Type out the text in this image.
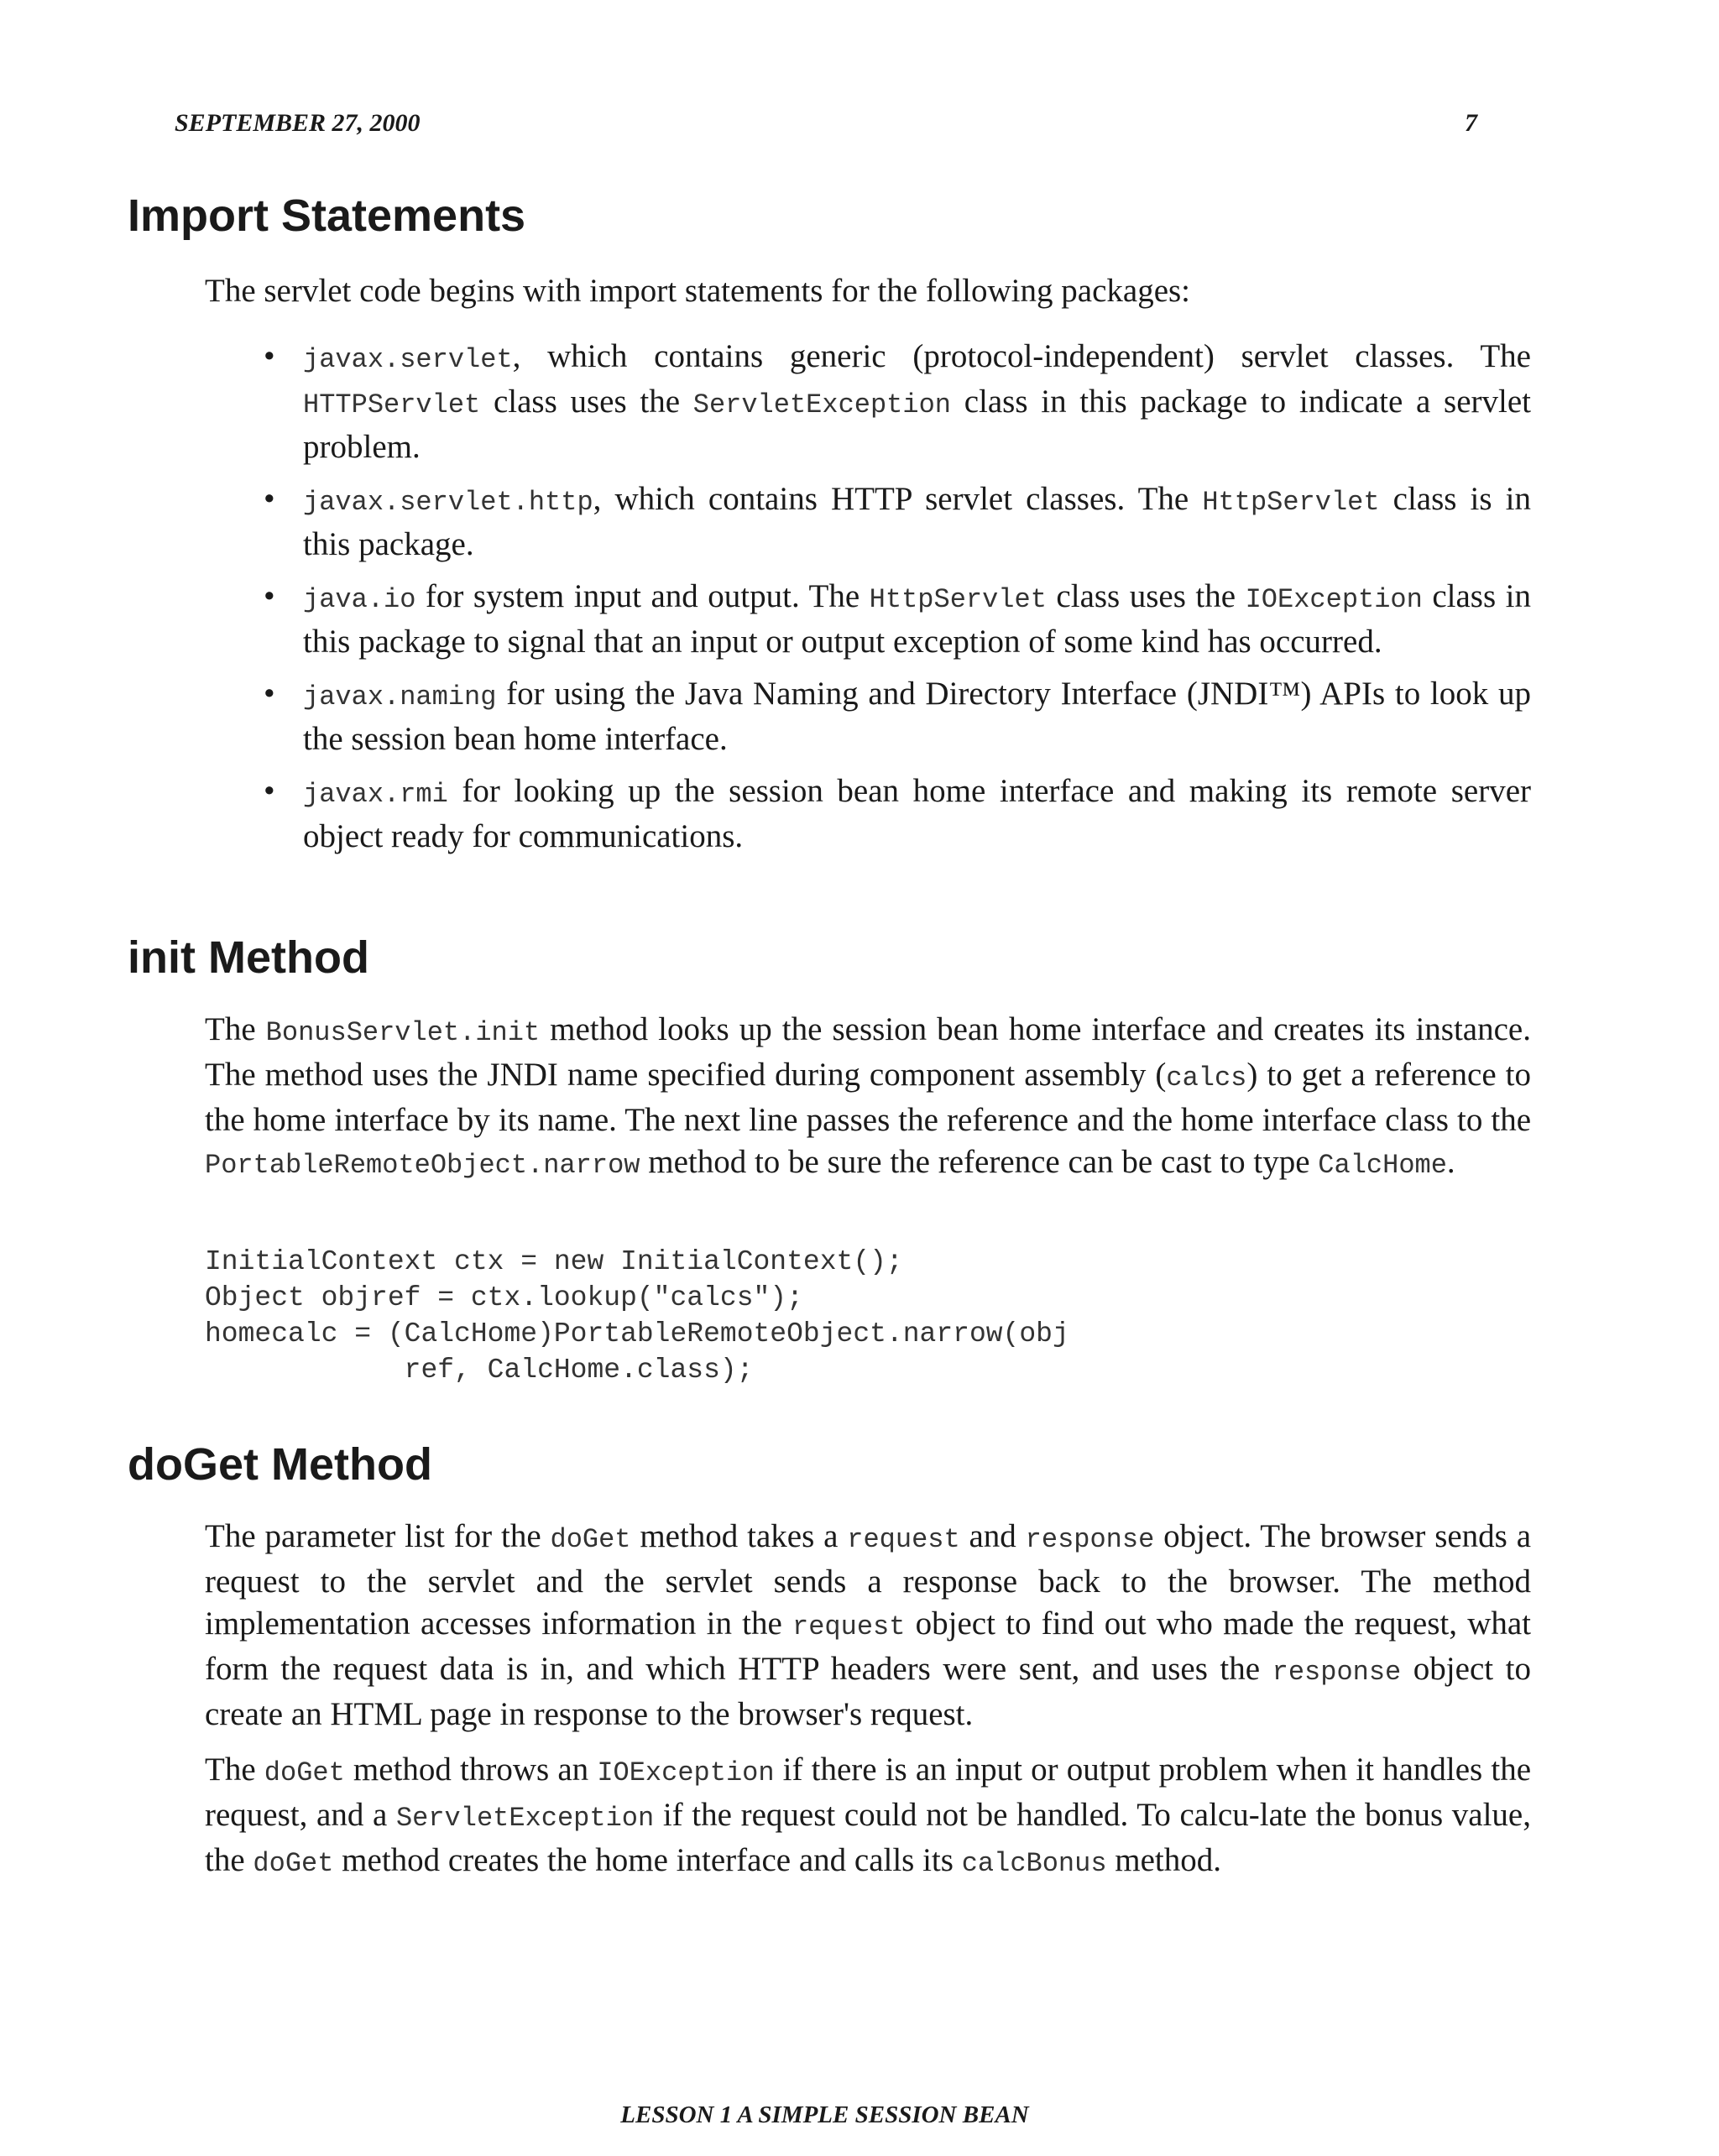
SEPTEMBER 27, 2000	7
Import Statements

The servlet code begins with import statements for the following packages:

• javax.servlet, which contains generic (protocol-independent) servlet classes. The HTTPServlet class uses the ServletException class in this package to indicate a servlet problem.
• javax.servlet.http, which contains HTTP servlet classes. The HttpServlet class is in this package.
• java.io for system input and output. The HttpServlet class uses the IOException class in this package to signal that an input or output exception of some kind has occurred.
• javax.naming for using the Java Naming and Directory Interface (JNDI™) APIs to look up the session bean home interface.
• javax.rmi for looking up the session bean home interface and making its remote server object ready for communications.
init Method

The BonusServlet.init method looks up the session bean home interface and creates its instance. The method uses the JNDI name specified during component assembly (calcs) to get a reference to the home interface by its name. The next line passes the reference and the home interface class to the PortableRemoteObject.narrow method to be sure the reference can be cast to type CalcHome.

InitialContext ctx = new InitialContext();
Object objref = ctx.lookup("calcs");
homecalc = (CalcHome)PortableRemoteObject.narrow(obj
ref, CalcHome.class);
doGet Method

The parameter list for the doGet method takes a request and response object. The browser sends a request to the servlet and the servlet sends a response back to the browser. The method implementation accesses information in the request object to find out who made the request, what form the request data is in, and which HTTP headers were sent, and uses the response object to create an HTML page in response to the browser's request.

The doGet method throws an IOException if there is an input or output problem when it handles the request, and a ServletException if the request could not be handled. To calcu-late the bonus value, the doGet method creates the home interface and calls its calcBonus method.

LESSON 1 A SIMPLE SESSION BEAN
